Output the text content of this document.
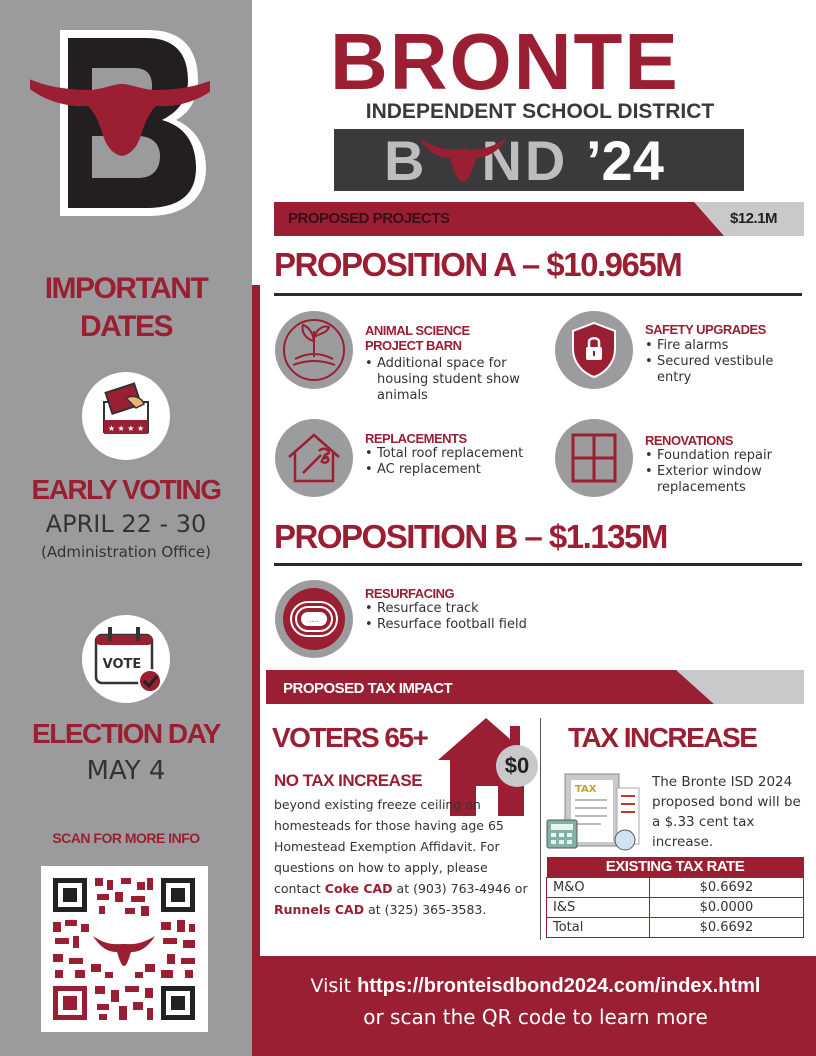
IMPORTANT
DATES
★ ★ ★ ★
EARLY VOTING
APRIL 22 - 30
(Administration Office)
VOTE
ELECTION DAY
MAY 4
SCAN FOR MORE INFO
BRONTE
INDEPENDENT SCHOOL DISTRICT
B ND ’24
PROPOSED PROJECTS	$12.1M
PROPOSITION A – $10.965M
ANIMAL SCIENCE
PROJECT BARN
• Additional space for housing student show animals
SAFETY UPGRADES
• Fire alarms
• Secured vestibule entry
REPLACEMENTS
• Total roof replacement
• AC replacement
RENOVATIONS
• Foundation repair
• Exterior window replacements
PROPOSITION B – $1.135M
....
RESURFACING
• Resurface track
• Resurface football field
PROPOSED TAX IMPACT
VOTERS 65+
$0
NO TAX INCREASE
beyond existing freeze ceiling on homesteads for those having age 65 Homestead Exemption Affidavit. For questions on how to apply, please contact Coke CAD at (903) 763-4946 or Runnels CAD at (325) 365-3583.
TAX INCREASE
TAX	The Bronte ISD 2024 proposed bond will be a $.33 cent tax increase.
EXISTING TAX RATE	
M&O	$0.6692
I&S	$0.0000
Total	$0.6692
Visit https://bronteisdbond2024.com/index.html
or scan the QR code to learn more
